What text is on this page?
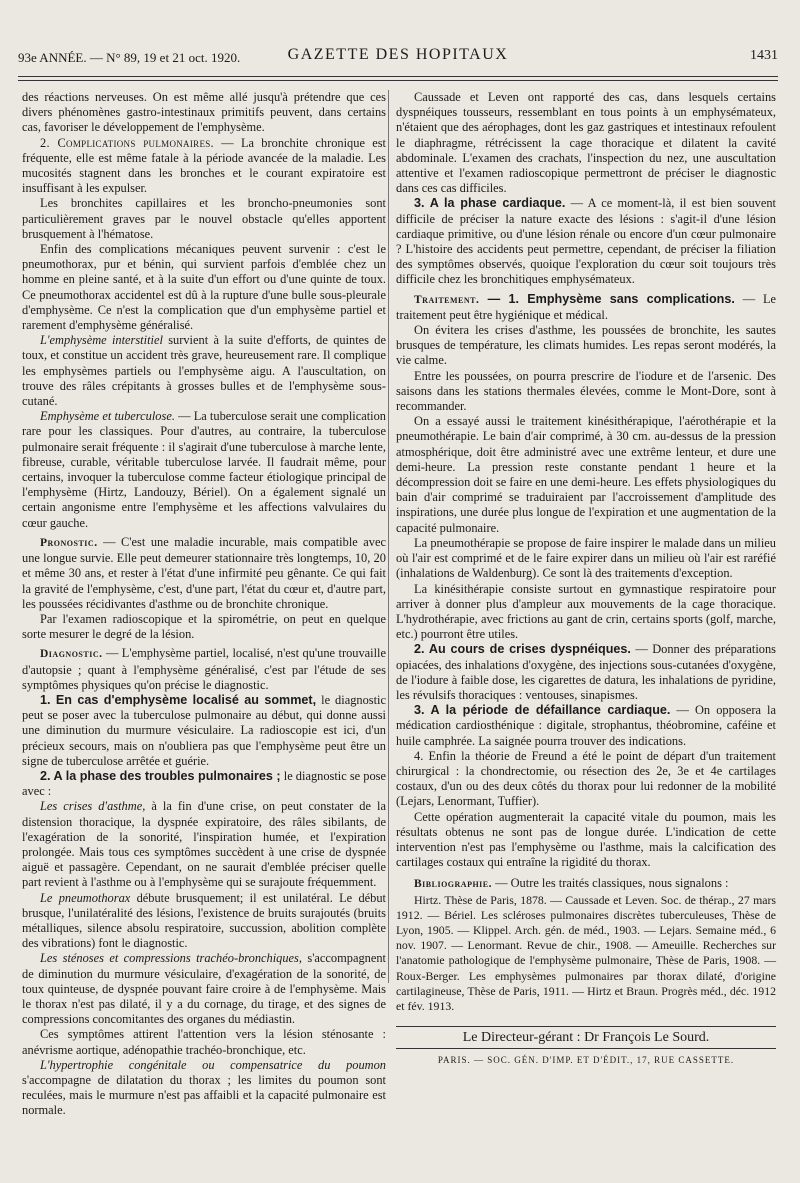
93e ANNÉE. — N° 89, 19 et 21 oct. 1920.	GAZETTE DES HOPITAUX	1431

des réactions nerveuses. On est même allé jusqu'à prétendre que ces divers phénomènes gastro-intestinaux primitifs peuvent, dans certains cas, favoriser le développement de l'emphysème.

2. Complications pulmonaires. — La bronchite chronique est fréquente, elle est même fatale à la période avancée de la maladie. Les mucosités stagnent dans les bronches et le courant expiratoire est insuffisant à les expulser.

Les bronchites capillaires et les broncho-pneumonies sont particulièrement graves par le nouvel obstacle qu'elles apportent brusquement à l'hématose.

Enfin des complications mécaniques peuvent survenir : c'est le pneumothorax, pur et bénin, qui survient parfois d'emblée chez un homme en pleine santé, et à la suite d'un effort ou d'une quinte de toux. Ce pneumothorax accidentel est dû à la rupture d'une bulle sous-pleurale d'emphysème. Ce n'est la complication que d'un emphysème partiel et rarement d'emphysème généralisé.

L'emphysème interstitiel survient à la suite d'efforts, de quintes de toux, et constitue un accident très grave, heureusement rare. Il complique les emphysèmes partiels ou l'emphysème aigu. A l'auscultation, on trouve des râles crépitants à grosses bulles et de l'emphysème sous-cutané.

Emphysème et tuberculose. — La tuberculose serait une complication rare pour les classiques. Pour d'autres, au contraire, la tuberculose pulmonaire serait fréquente : il s'agirait d'une tuberculose à marche lente, fibreuse, curable, véritable tuberculose larvée. Il faudrait même, pour certains, invoquer la tuberculose comme facteur étiologique principal de l'emphysème (Hirtz, Landouzy, Bériel). On a également signalé un certain angonisme entre l'emphysème et les affections valvulaires du cœur gauche.

Pronostic. — C'est une maladie incurable, mais compatible avec une longue survie. Elle peut demeurer stationnaire très longtemps, 10, 20 et même 30 ans, et rester à l'état d'une infirmité peu gênante. Ce qui fait la gravité de l'emphysème, c'est, d'une part, l'état du cœur et, d'autre part, les poussées récidivantes d'asthme ou de bronchite chronique.

Par l'examen radioscopique et la spirométrie, on peut en quelque sorte mesurer le degré de la lésion.

Diagnostic. — L'emphysème partiel, localisé, n'est qu'une trouvaille d'autopsie ; quant à l'emphysème généralisé, c'est par l'étude de ses symptômes physiques qu'on précise le diagnostic.

1. En cas d'emphysème localisé au sommet, le diagnostic peut se poser avec la tuberculose pulmonaire au début, qui donne aussi une diminution du murmure vésiculaire. La radioscopie est ici, d'un précieux secours, mais on n'oubliera pas que l'emphysème peut être un signe de tuberculose arrêtée et guérie.

2. A la phase des troubles pulmonaires ; le diagnostic se pose avec :

Les crises d'asthme, à la fin d'une crise, on peut constater de la distension thoracique, la dyspnée expiratoire, des râles sibilants, de l'exagération de la sonorité, l'inspiration humée, et l'expiration prolongée. Mais tous ces symptômes succèdent à une crise de dyspnée aiguë et passagère. Cependant, on ne saurait d'emblée préciser quelle part revient à l'asthme ou à l'emphysème qui se surajoute fréquemment.

Le pneumothorax débute brusquement; il est unilatéral. Le début brusque, l'unilatéralité des lésions, l'existence de bruits surajoutés (bruits métalliques, silence absolu respiratoire, succussion, abolition complète des vibrations) font le diagnostic.

Les sténoses et compressions trachéo-bronchiques, s'accompagnent de diminution du murmure vésiculaire, d'exagération de la sonorité, de toux quinteuse, de dyspnée pouvant faire croire à de l'emphysème. Mais le thorax n'est pas dilaté, il y a du cornage, du tirage, et des signes de compressions concomitantes des organes du médiastin.

Ces symptômes attirent l'attention vers la lésion sténosante : anévrisme aortique, adénopathie trachéo-bronchique, etc.

L'hypertrophie congénitale ou compensatrice du poumon s'accompagne de dilatation du thorax ; les limites du poumon sont reculées, mais le murmure n'est pas affaibli et la capacité pulmonaire est normale.

Caussade et Leven ont rapporté des cas, dans lesquels certains dyspnéiques tousseurs, ressemblant en tous points à un emphysémateux, n'étaient que des aérophages, dont les gaz gastriques et intestinaux refoulent le diaphragme, rétrécissent la cage thoracique et dilatent la cavité abdominale. L'examen des crachats, l'inspection du nez, une auscultation attentive et l'examen radioscopique permettront de préciser le diagnostic dans ces cas difficiles.

3. A la phase cardiaque. — A ce moment-là, il est bien souvent difficile de préciser la nature exacte des lésions : s'agit-il d'une lésion cardiaque primitive, ou d'une lésion rénale ou encore d'un cœur pulmonaire ? L'histoire des accidents peut permettre, cependant, de préciser la filiation des symptômes observés, quoique l'exploration du cœur soit toujours très difficile chez les bronchitiques emphysémateux.

Traitement. — 1. Emphysème sans complications. — Le traitement peut être hygiénique et médical.

On évitera les crises d'asthme, les poussées de bronchite, les sautes brusques de température, les climats humides. Les repas seront modérés, la vie calme.

Entre les poussées, on pourra prescrire de l'iodure et de l'arsenic. Des saisons dans les stations thermales élevées, comme le Mont-Dore, sont à recommander.

On a essayé aussi le traitement kinésithérapique, l'aérothérapie et la pneumothérapie. Le bain d'air comprimé, à 30 cm. au-dessus de la pression atmosphérique, doit être administré avec une extrême lenteur, et dure une demi-heure. La pression reste constante pendant 1 heure et la décompression doit se faire en une demi-heure. Les effets physiologiques du bain d'air comprimé se traduiraient par l'accroissement d'amplitude des inspirations, une durée plus longue de l'expiration et une augmentation de la capacité pulmonaire.

La pneumothérapie se propose de faire inspirer le malade dans un milieu où l'air est comprimé et de le faire expirer dans un milieu où l'air est raréfié (inhalations de Waldenburg). Ce sont là des traitements d'exception.

La kinésithérapie consiste surtout en gymnastique respiratoire pour arriver à donner plus d'ampleur aux mouvements de la cage thoracique. L'hydrothérapie, avec frictions au gant de crin, certains sports (golf, marche, etc.) pourront être utiles.

2. Au cours de crises dyspnéiques. — Donner des préparations opiacées, des inhalations d'oxygène, des injections sous-cutanées d'oxygène, de l'iodure à faible dose, les cigarettes de datura, les inhalations de pyridine, les révulsifs thoraciques : ventouses, sinapismes.

3. A la période de défaillance cardiaque. — On opposera la médication cardiosthénique : digitale, strophantus, théobromine, caféine et huile camphrée. La saignée pourra trouver des indications.

4. Enfin la théorie de Freund a été le point de départ d'un traitement chirurgical : la chondrectomie, ou résection des 2e, 3e et 4e cartilages costaux, d'un ou des deux côtés du thorax pour lui redonner de la mobilité (Lejars, Lenormant, Tuffier).

Cette opération augmenterait la capacité vitale du poumon, mais les résultats obtenus ne sont pas de longue durée. L'indication de cette intervention n'est pas l'emphysème ou l'asthme, mais la calcification des cartilages costaux qui entraîne la rigidité du thorax.

Bibliographie. — Outre les traités classiques, nous signalons :

Hirtz. Thèse de Paris, 1878. — Caussade et Leven. Soc. de thérap., 27 mars 1912. — Bériel. Les scléroses pulmonaires discrètes tuberculeuses, Thèse de Lyon, 1905. — Klippel. Arch. gén. de méd., 1903. — Lejars. Semaine méd., 6 nov. 1907. — Lenormant. Revue de chir., 1908. — Ameuille. Recherches sur l'anatomie pathologique de l'emphysème pulmonaire, Thèse de Paris, 1908. — Roux-Berger. Les emphysèmes pulmonaires par thorax dilaté, d'origine cartilagineuse, Thèse de Paris, 1911. — Hirtz et Braun. Progrès méd., déc. 1912 et fév. 1913.

Le Directeur-gérant : Dr François Le Sourd.
PARIS. — SOC. GÉN. D'IMP. ET D'ÉDIT., 17, RUE CASSETTE.
